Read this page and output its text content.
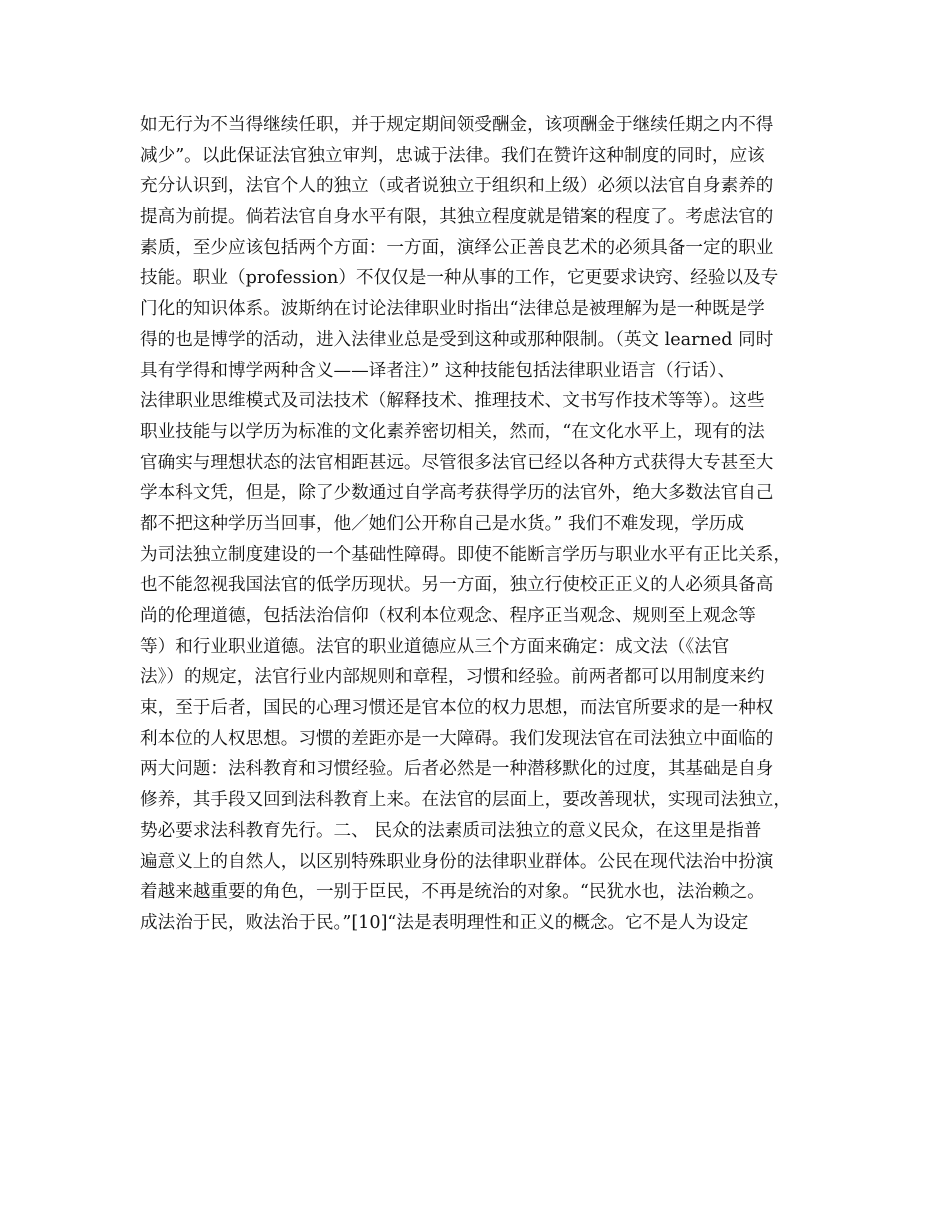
如无行为不当得继续任职，并于规定期间领受酬金，该项酬金于继续任期之内不得
减少”。以此保证法官独立审判，忠诚于法律。我们在赞许这种制度的同时，应该
充分认识到，法官个人的独立（或者说独立于组织和上级）必须以法官自身素养的
提高为前提。倘若法官自身水平有限，其独立程度就是错案的程度了。考虑法官的
素质，至少应该包括两个方面：一方面，演绎公正善良艺术的必须具备一定的职业
技能。职业（profession）不仅仅是一种从事的工作，它更要求诀窍、经验以及专
门化的知识体系。波斯纳在讨论法律职业时指出“法律总是被理解为是一种既是学
得的也是博学的活动，进入法律业总是受到这种或那种限制。（英文 learned 同时
具有学得和博学两种含义——译者注）” 这种技能包括法律职业语言（行话）、
法律职业思维模式及司法技术（解释技术、推理技术、文书写作技术等等）。这些
职业技能与以学历为标准的文化素养密切相关，然而，“在文化水平上，现有的法
官确实与理想状态的法官相距甚远。尽管很多法官已经以各种方式获得大专甚至大
学本科文凭，但是，除了少数通过自学高考获得学历的法官外，绝大多数法官自己
都不把这种学历当回事，他／她们公开称自己是水货。” 我们不难发现，学历成
为司法独立制度建设的一个基础性障碍。即使不能断言学历与职业水平有正比关系，
也不能忽视我国法官的低学历现状。另一方面，独立行使校正正义的人必须具备高
尚的伦理道德，包括法治信仰（权利本位观念、程序正当观念、规则至上观念等
等）和行业职业道德。法官的职业道德应从三个方面来确定：成文法（《法官
法》）的规定，法官行业内部规则和章程，习惯和经验。前两者都可以用制度来约
束，至于后者，国民的心理习惯还是官本位的权力思想，而法官所要求的是一种权
利本位的人权思想。习惯的差距亦是一大障碍。我们发现法官在司法独立中面临的
两大问题：法科教育和习惯经验。后者必然是一种潜移默化的过度，其基础是自身
修养，其手段又回到法科教育上来。在法官的层面上，要改善现状，实现司法独立，
势必要求法科教育先行。二、 民众的法素质司法独立的意义民众，在这里是指普
遍意义上的自然人，以区别特殊职业身份的法律职业群体。公民在现代法治中扮演
着越来越重要的角色，一别于臣民，不再是统治的对象。“民犹水也，法治赖之。
成法治于民，败法治于民。”[10]“法是表明理性和正义的概念。它不是人为设定
